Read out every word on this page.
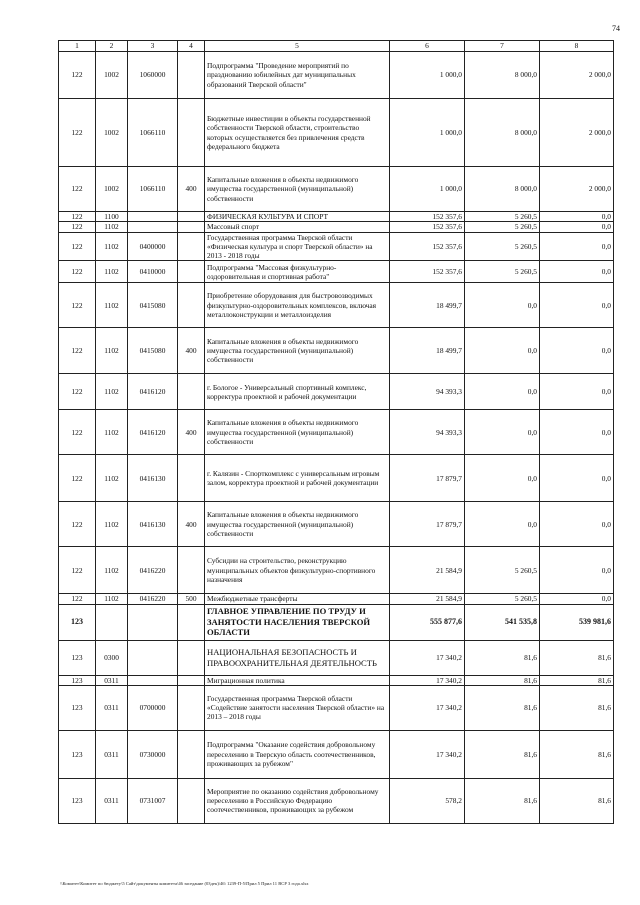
74
1	2	3	4	5	6	7	8
122	1002	1060000		Подпрограмма "Проведение мероприятий по празднованию юбилейных дат муниципальных образований Тверской области"	1 000,0	8 000,0	2 000,0
122	1002	1066110		Бюджетные инвестиции в объекты государственной собственности Тверской области, строительство которых осуществляется без привлечения средств федерального бюджета	1 000,0	8 000,0	2 000,0
122	1002	1066110	400	Капитальные вложения в объекты недвижимого имущества государственной (муниципальной) собственности	1 000,0	8 000,0	2 000,0
122	1100			ФИЗИЧЕСКАЯ КУЛЬТУРА И СПОРТ	152 357,6	5 260,5	0,0
122	1102			Массовый спорт	152 357,6	5 260,5	0,0
122	1102	0400000		Государственная программа Тверской области «Физическая культура и спорт Тверской области» на 2013 - 2018 годы	152 357,6	5 260,5	0,0
122	1102	0410000		Подпрограмма "Массовая физкультурно-оздоровительная и спортивная работа"	152 357,6	5 260,5	0,0
122	1102	0415080		Приобретение оборудования для быстровозводимых физкультурно-оздоровительных комплексов, включая металлоконструкции и металлоизделия	18 499,7	0,0	0,0
122	1102	0415080	400	Капитальные вложения в объекты недвижимого имущества государственной (муниципальной) собственности	18 499,7	0,0	0,0
122	1102	0416120		г. Бологое - Универсальный спортивный комплекс, корректура проектной и рабочей документации	94 393,3	0,0	0,0
122	1102	0416120	400	Капитальные вложения в объекты недвижимого имущества государственной (муниципальной) собственности	94 393,3	0,0	0,0
122	1102	0416130		г. Калязин - Спорткомплекс с универсальным игровым залом, корректура проектной и рабочей документации	17 879,7	0,0	0,0
122	1102	0416130	400	Капитальные вложения в объекты недвижимого имущества государственной (муниципальной) собственности	17 879,7	0,0	0,0
122	1102	0416220		Субсидии на строительство, реконструкцию муниципальных объектов физкультурно-спортивного назначения	21 584,9	5 260,5	0,0
122	1102	0416220	500	Межбюджетные трансферты	21 584,9	5 260,5	0,0
123				ГЛАВНОЕ УПРАВЛЕНИЕ ПО ТРУДУ И ЗАНЯТОСТИ НАСЕЛЕНИЯ ТВЕРСКОЙ ОБЛАСТИ	555 877,6	541 535,8	539 981,6
123	0300			НАЦИОНАЛЬНАЯ БЕЗОПАСНОСТЬ И ПРАВООХРАНИТЕЛЬНАЯ ДЕЯТЕЛЬНОСТЬ	17 340,2	81,6	81,6
123	0311			Миграционная политика	17 340,2	81,6	81,6
123	0311	0700000		Государственная программа Тверской области «Содействие занятости населения Тверской области» на 2013 – 2018 годы	17 340,2	81,6	81,6
123	0311	0730000		Подпрограмма "Оказание содействия добровольному переселению в Тверскую область соотечественников, проживающих за рубежом"	17 340,2	81,6	81,6
123	0311	0731007		Мероприятие по оказанию содействия добровольному переселению в Российскую Федерацию соотечественников, проживающих за рубежом	578,2	81,6	81,6
\\Комитет\Комитет по бюджету\5 Сайт\документы комитета\46 заседание (03дек)\46\ 1239-П-5\Прил 5 Прил 11 ВСР 3 года.xlsx
